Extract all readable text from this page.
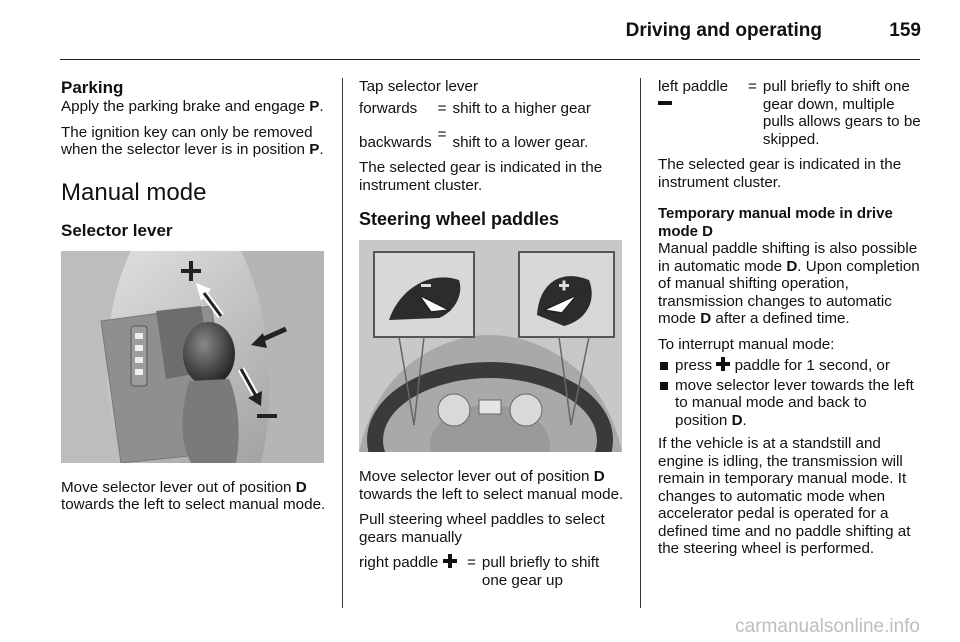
Driving and operating	159
Parking

Apply the parking brake and engage P.

The ignition key can only be removed when the selector lever is in position P.

Manual mode
Selector lever

Move selector lever out of position D towards the left to select manual mode.

Tap selector lever

forwards	=	shift to a higher gear
backwards	=	shift to a lower gear.

The selected gear is indicated in the instrument cluster.

Steering wheel paddles

Move selector lever out of position D towards the left to select manual mode.

Pull steering wheel paddles to select gears manually

right paddle	=	pull briefly to shift one gear up
left paddle	=	pull briefly to shift one gear down, multiple pulls allows gears to be skipped.

The selected gear is indicated in the instrument cluster.

Temporary manual mode in drive mode D

Manual paddle shifting is also possible in automatic mode D. Upon completion of manual shifting operation, transmission changes to automatic mode D after a defined time.

To interrupt manual mode:

press  paddle for 1 second, or
move selector lever towards the left to manual mode and back to position D.

If the vehicle is at a standstill and engine is idling, the transmission will remain in temporary manual mode. It changes to automatic mode when accelerator pedal is operated for a defined time and no paddle shifting at the steering wheel is performed.

carmanualsonline.info
